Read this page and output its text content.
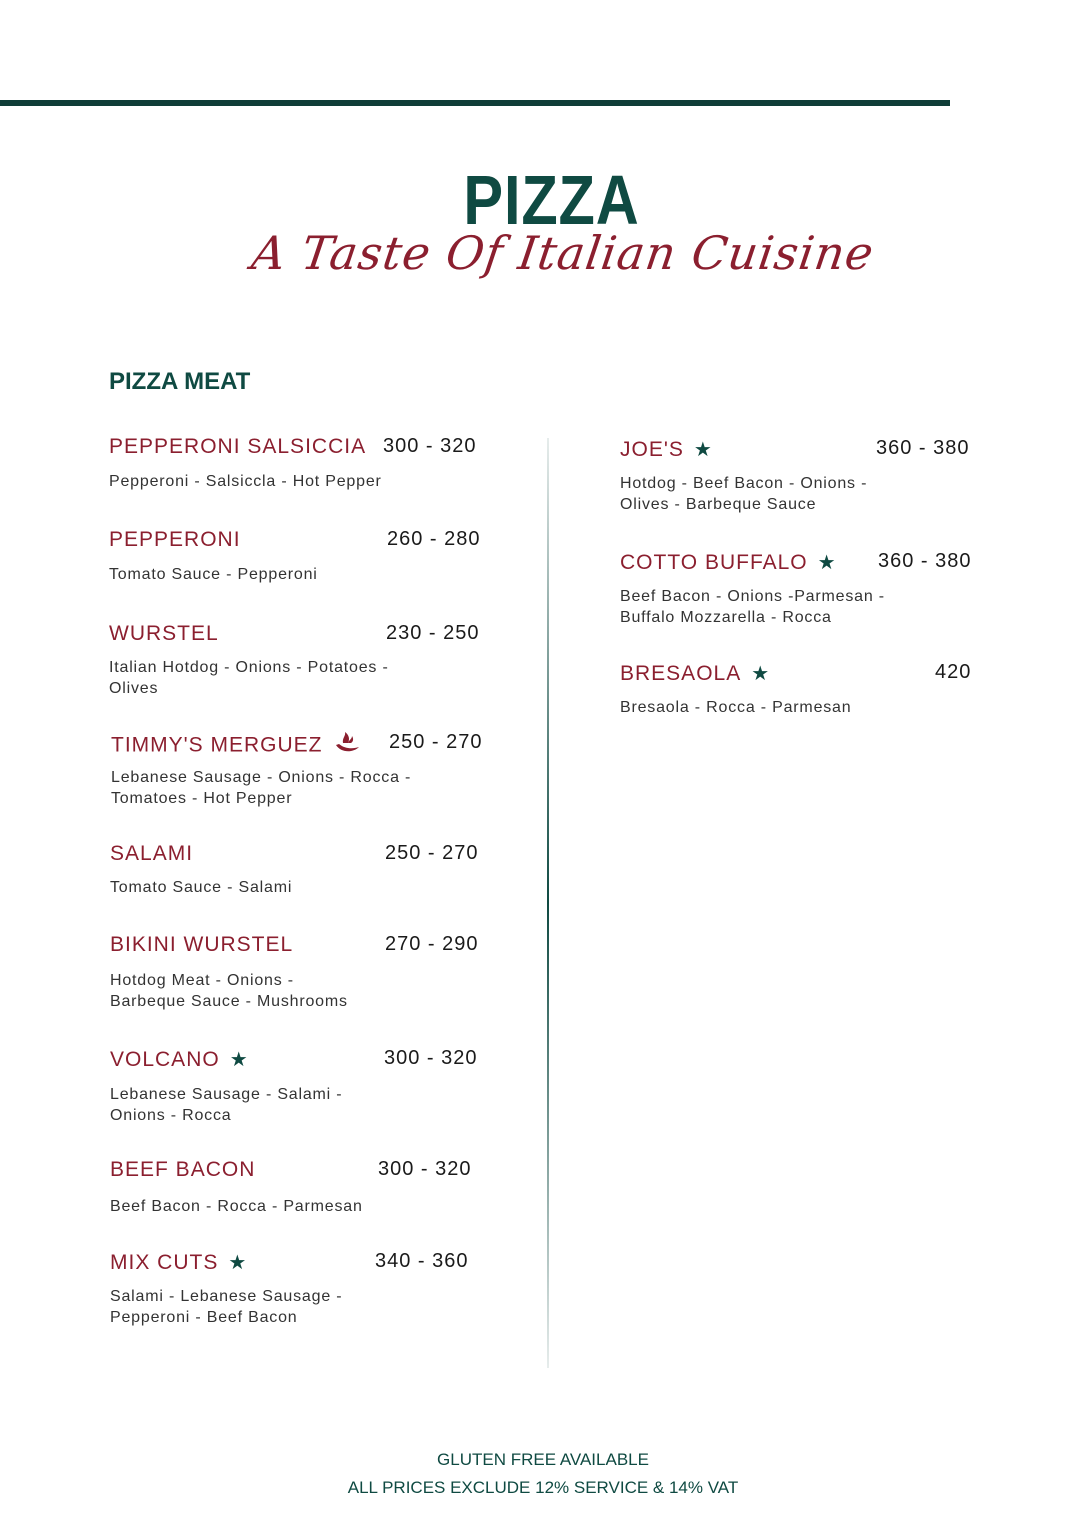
PIZZA
A Taste Of Italian Cuisine
PIZZA MEAT
PEPPERONI SALSICCIA 300 - 320
Pepperoni - Salsiccla - Hot Pepper
PEPPERONI	260 - 280
Tomato Sauce - Pepperoni
WURSTEL	230 - 250
Italian Hotdog - Onions - Potatoes -
Olives
TIMMY'S MERGUEZ	250 - 270
Lebanese Sausage - Onions - Rocca -
Tomatoes - Hot Pepper
SALAMI	250 - 270
Tomato Sauce - Salami
BIKINI WURSTEL	270 - 290
Hotdog Meat - Onions -
Barbeque Sauce - Mushrooms
VOLCANO ★	300 - 320
Lebanese Sausage - Salami -
Onions - Rocca
BEEF BACON	300 - 320
Beef Bacon - Rocca - Parmesan
MIX CUTS ★	340 - 360
Salami - Lebanese Sausage -
Pepperoni - Beef Bacon
JOE'S ★	360 - 380
Hotdog - Beef Bacon - Onions -
Olives - Barbeque Sauce
COTTO BUFFALO ★ 360 - 380
Beef Bacon - Onions -Parmesan -
Buffalo Mozzarella - Rocca
BRESAOLA ★	420
Bresaola - Rocca - Parmesan
GLUTEN FREE AVAILABLE
ALL PRICES EXCLUDE 12% SERVICE & 14% VAT
